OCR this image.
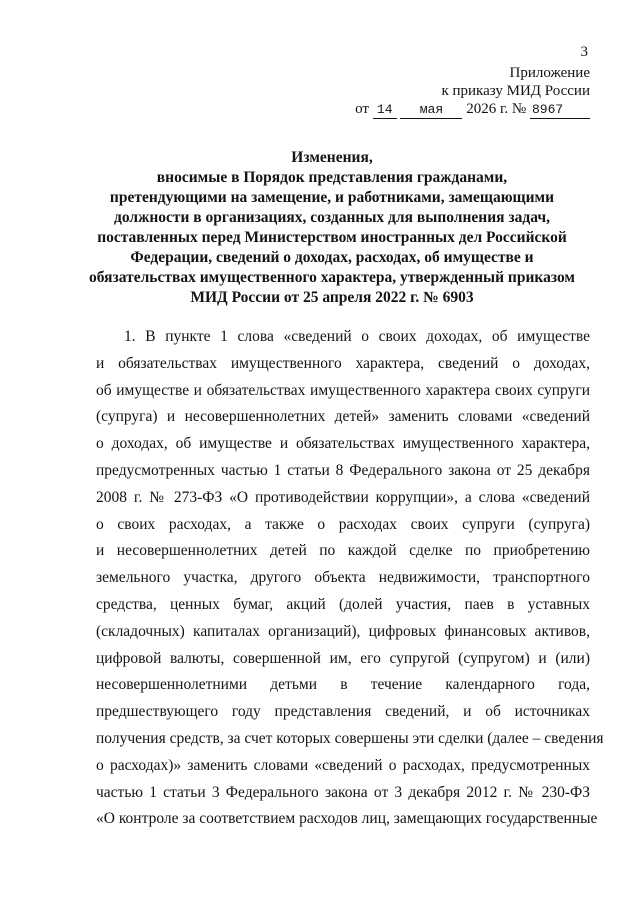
3
Приложение
к приказу МИД России
от 14 мая 2026 г. № 8967
Изменения,
вносимые в Порядок представления гражданами,
претендующими на замещение, и работниками, замещающими
должности в организациях, созданных для выполнения задач,
поставленных перед Министерством иностранных дел Российской
Федерации, сведений о доходах, расходах, об имуществе и
обязательствах имущественного характера, утвержденный приказом
МИД России от 25 апреля 2022 г. № 6903
1. В пункте 1 слова «сведений о своих доходах, об имуществе
и обязательствах имущественного характера, сведений о доходах,
об имуществе и обязательствах имущественного характера своих супруги
(супруга) и несовершеннолетних детей» заменить словами «сведений
о доходах, об имуществе и обязательствах имущественного характера,
предусмотренных частью 1 статьи 8 Федерального закона от 25 декабря
2008 г. № 273-ФЗ «О противодействии коррупции», а слова «сведений
о своих расходах, а также о расходах своих супруги (супруга)
и несовершеннолетних детей по каждой сделке по приобретению
земельного участка, другого объекта недвижимости, транспортного
средства, ценных бумаг, акций (долей участия, паев в уставных
(складочных) капиталах организаций), цифровых финансовых активов,
цифровой валюты, совершенной им, его супругой (супругом) и (или)
несовершеннолетними детьми в течение календарного года,
предшествующего году представления сведений, и об источниках
получения средств, за счет которых совершены эти сделки (далее – сведения
о расходах)» заменить словами «сведений о расходах, предусмотренных
частью 1 статьи 3 Федерального закона от 3 декабря 2012 г. № 230-ФЗ
«О контроле за соответствием расходов лиц, замещающих государственные
